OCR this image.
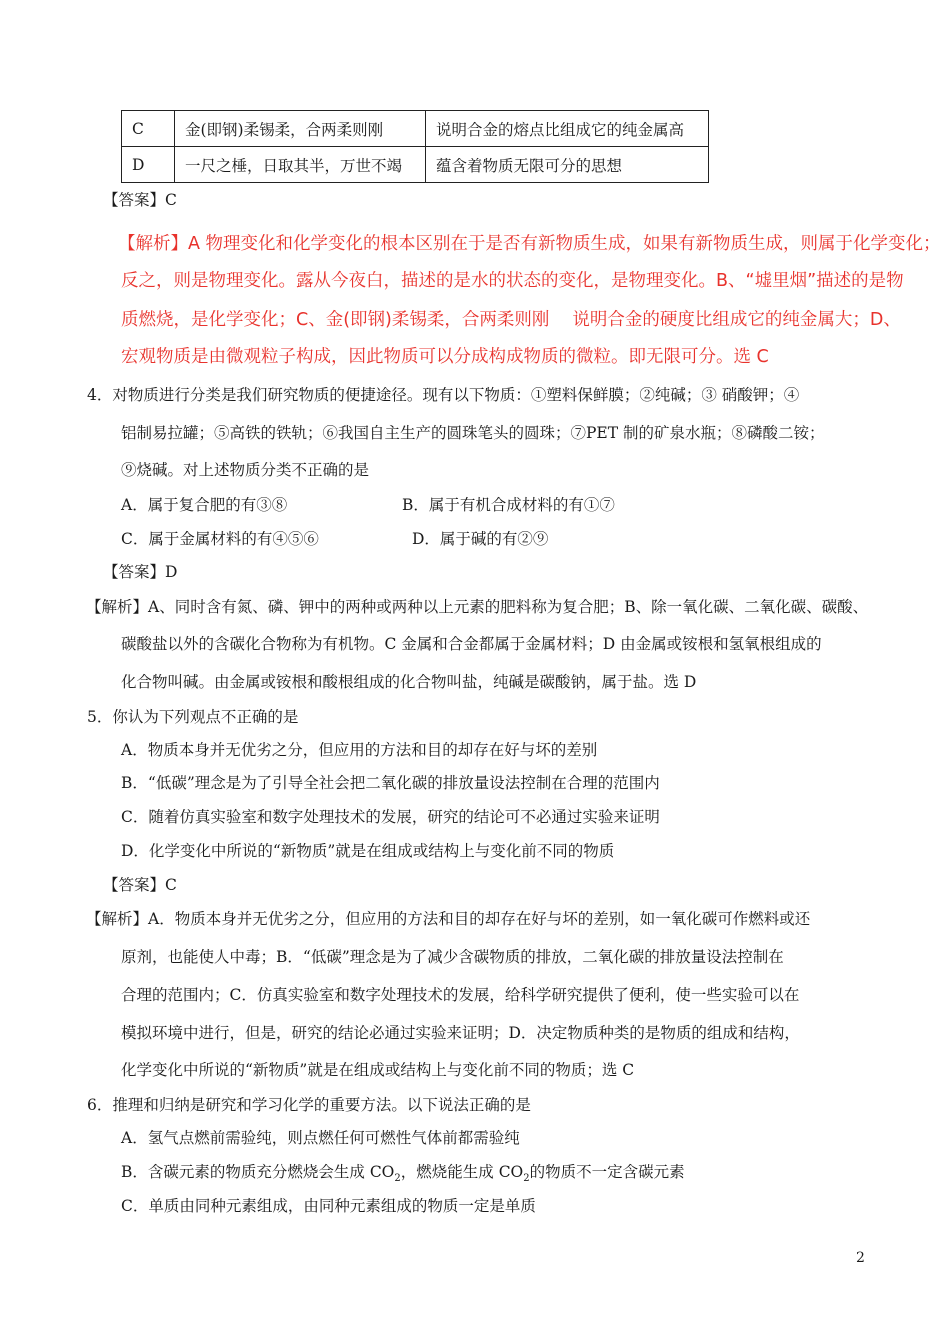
C	金(即钢)柔锡柔，合两柔则刚	说明合金的熔点比组成它的纯金属高
D	一尺之棰，日取其半，万世不竭	蕴含着物质无限可分的思想
【答案】C
【解析】A 物理变化和化学变化的根本区别在于是否有新物质生成，如果有新物质生成，则属于化学变化；
反之，则是物理变化。露从今夜白，描述的是水的状态的变化，是物理变化。B、“墟里烟”描述的是物
质燃烧，是化学变化；C、金(即钢)柔锡柔，合两柔则刚　 说明合金的硬度比组成它的纯金属大；D、
宏观物质是由微观粒子构成，因此物质可以分成构成物质的微粒。即无限可分。选 C
4．对物质进行分类是我们研究物质的便捷途径。现有以下物质：①塑料保鲜膜；②纯碱；③ 硝酸钾；④
铝制易拉罐；⑤高铁的铁轨；⑥我国自主生产的圆珠笔头的圆珠；⑦PET 制的矿泉水瓶；⑧磷酸二铵；
⑨烧碱。对上述物质分类不正确的是
A．属于复合肥的有③⑧	B．属于有机合成材料的有①⑦
C．属于金属材料的有④⑤⑥	D．属于碱的有②⑨
【答案】D
【解析】A、同时含有氮、磷、钾中的两种或两种以上元素的肥料称为复合肥；B、除一氧化碳、二氧化碳、碳酸、
碳酸盐以外的含碳化合物称为有机物。C 金属和合金都属于金属材料；D 由金属或铵根和氢氧根组成的
化合物叫碱。由金属或铵根和酸根组成的化合物叫盐，纯碱是碳酸钠，属于盐。选 D
5．你认为下列观点不正确的是
A．物质本身并无优劣之分，但应用的方法和目的却存在好与坏的差别
B．“低碳”理念是为了引导全社会把二氧化碳的排放量设法控制在合理的范围内
C．随着仿真实验室和数字处理技术的发展，研究的结论可不必通过实验来证明
D．化学变化中所说的“新物质”就是在组成或结构上与变化前不同的物质
【答案】C
【解析】A．物质本身并无优劣之分，但应用的方法和目的却存在好与坏的差别，如一氧化碳可作燃料或还
原剂，也能使人中毒；B．“低碳”理念是为了减少含碳物质的排放，二氧化碳的排放量设法控制在
合理的范围内；C．仿真实验室和数字处理技术的发展，给科学研究提供了便利，使一些实验可以在
模拟环境中进行，但是，研究的结论必通过实验来证明；D．决定物质种类的是物质的组成和结构，
化学变化中所说的“新物质”就是在组成或结构上与变化前不同的物质；选 C
6．推理和归纳是研究和学习化学的重要方法。以下说法正确的是
A．氢气点燃前需验纯，则点燃任何可燃性气体前都需验纯
B．含碳元素的物质充分燃烧会生成 $CO_2$，燃烧能生成 $CO_2$的物质不一定含碳元素
C．单质由同种元素组成，由同种元素组成的物质一定是单质
2
